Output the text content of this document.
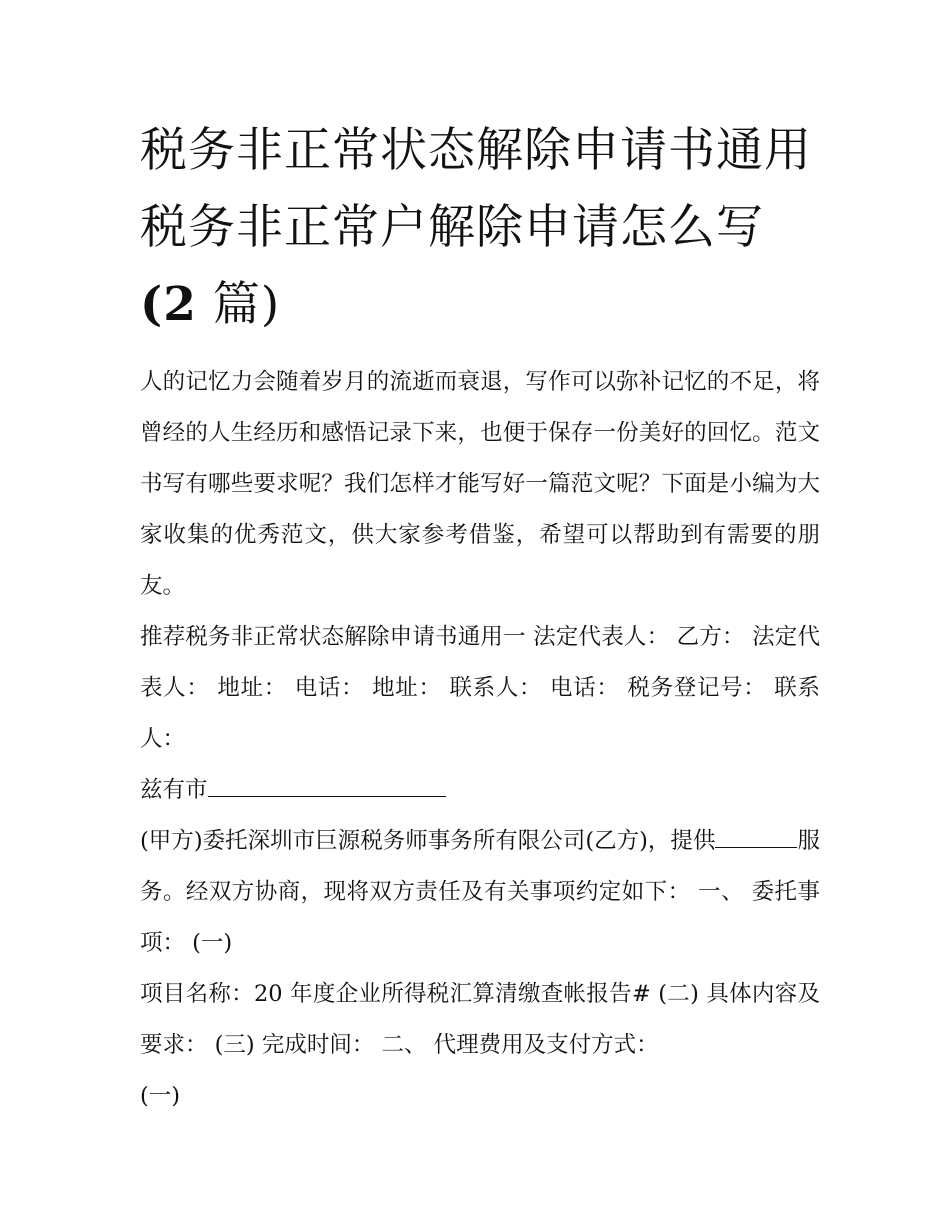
税务非正常状态解除申请书通用 税务非正常户解除申请怎么写(2 篇)

人的记忆力会随着岁月的流逝而衰退，写作可以弥补记忆的不足，将曾经的人生经历和感悟记录下来，也便于保存一份美好的回忆。范文书写有哪些要求呢？我们怎样才能写好一篇范文呢？下面是小编为大家收集的优秀范文，供大家参考借鉴，希望可以帮助到有需要的朋友。

推荐税务非正常状态解除申请书通用一 法定代表人： 乙方： 法定代表人： 地址： 电话： 地址： 联系人： 电话： 税务登记号： 联系人：

兹有市

(甲方)委托深圳市巨源税务师事务所有限公司(乙方)，提供	服务。经双方协商，现将双方责任及有关事项约定如下： 一、 委托事项： (一)

项目名称：20 年度企业所得税汇算清缴查帐报告# (二) 具体内容及要求： (三) 完成时间： 二、 代理费用及支付方式：

(一)
